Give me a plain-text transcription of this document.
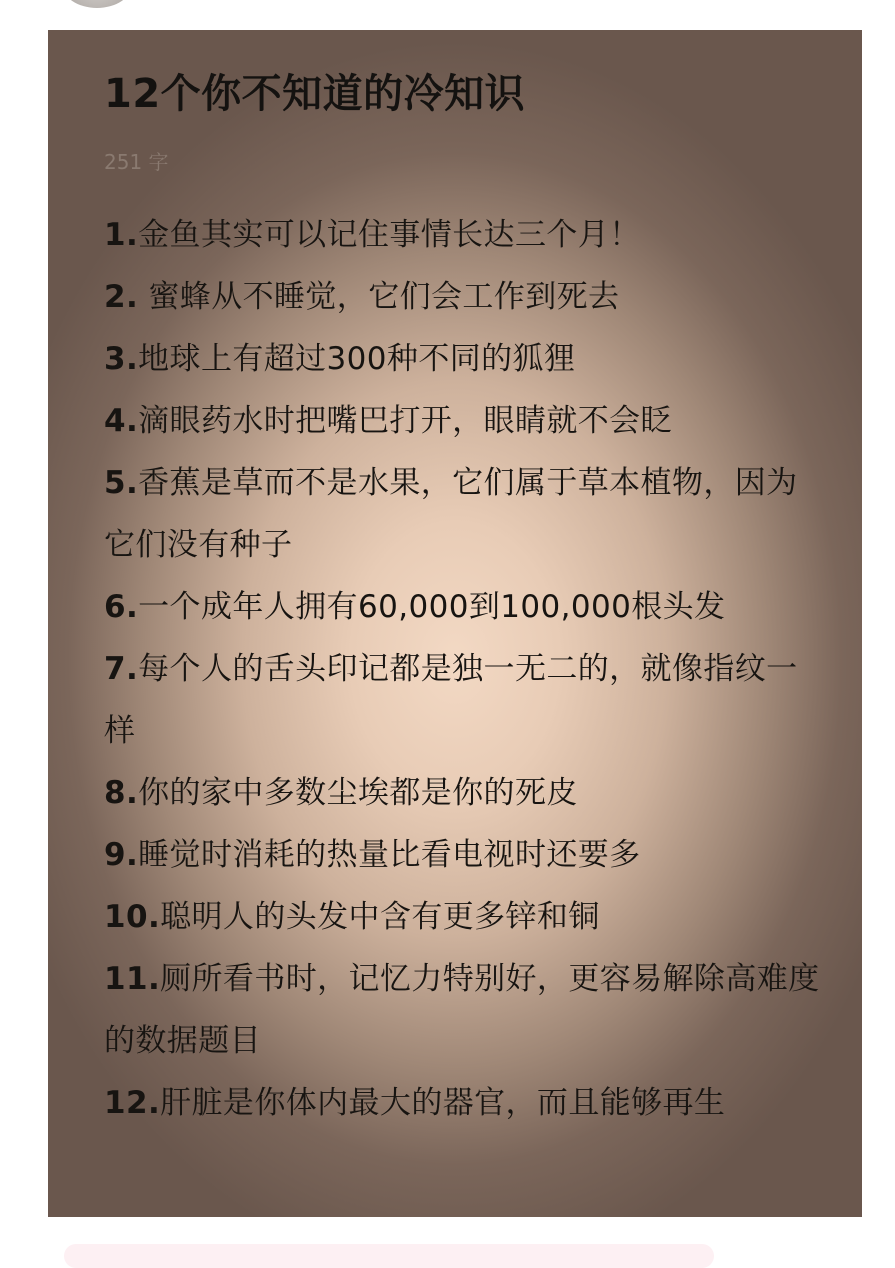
12个你不知道的冷知识
251 字
1.金鱼其实可以记住事情长达三个月！
2. 蜜蜂从不睡觉，它们会工作到死去
3.地球上有超过300种不同的狐狸
4.滴眼药水时把嘴巴打开，眼睛就不会眨
5.香蕉是草而不是水果，它们属于草本植物，因为它们没有种子
6.一个成年人拥有60,000到100,000根头发
7.每个人的舌头印记都是独一无二的，就像指纹一样
8.你的家中多数尘埃都是你的死皮
9.睡觉时消耗的热量比看电视时还要多
10.聪明人的头发中含有更多锌和铜
11.厕所看书时，记忆力特别好，更容易解除高难度的数据题目
12.肝脏是你体内最大的器官，而且能够再生
